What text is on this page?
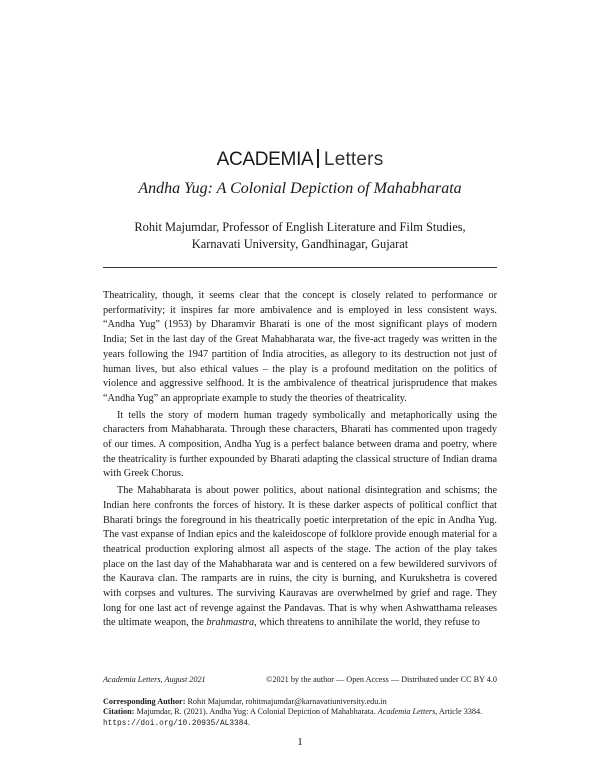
ACADEMIA Letters
Andha Yug: A Colonial Depiction of Mahabharata
Rohit Majumdar, Professor of English Literature and Film Studies, Karnavati University, Gandhinagar, Gujarat

Theatricality, though, it seems clear that the concept is closely related to performance or performativity; it inspires far more ambivalence and is employed in less consistent ways. “Andha Yug” (1953) by Dharamvir Bharati is one of the most significant plays of modern India; Set in the last day of the Great Mahabharata war, the five-act tragedy was written in the years following the 1947 partition of India atrocities, as allegory to its destruction not just of human lives, but also ethical values – the play is a profound meditation on the politics of violence and aggressive selfhood. It is the ambivalence of theatrical jurisprudence that makes “Andha Yug” an appropriate example to study the theories of theatricality.

It tells the story of modern human tragedy symbolically and metaphorically using the characters from Mahabharata. Through these characters, Bharati has commented upon tragedy of our times. A composition, Andha Yug is a perfect balance between drama and poetry, where the theatricality is further expounded by Bharati adapting the classical structure of Indian drama with Greek Chorus.

The Mahabharata is about power politics, about national disintegration and schisms; the Indian here confronts the forces of history. It is these darker aspects of political conflict that Bharati brings the foreground in his theatrically poetic interpretation of the epic in Andha Yug. The vast expanse of Indian epics and the kaleidoscope of folklore provide enough material for a theatrical production exploring almost all aspects of the stage. The action of the play takes place on the last day of the Mahabharata war and is centered on a few bewildered survivors of the Kaurava clan. The ramparts are in ruins, the city is burning, and Kurukshetra is covered with corpses and vultures. The surviving Kauravas are overwhelmed by grief and rage. They long for one last act of revenge against the Pandavas. That is why when Ashwatthama releases the ultimate weapon, the brahmastra, which threatens to annihilate the world, they refuse to

Academia Letters, August 2021	©2021 by the author — Open Access — Distributed under CC BY 4.0
Corresponding Author: Rohit Majumdar, rohitmajumdar@karnavatiuniversity.edu.in
Citation: Majumdar, R. (2021). Andha Yug: A Colonial Depiction of Mahabharata. Academia Letters, Article 3384. https://doi.org/10.20935/AL3384.
1
